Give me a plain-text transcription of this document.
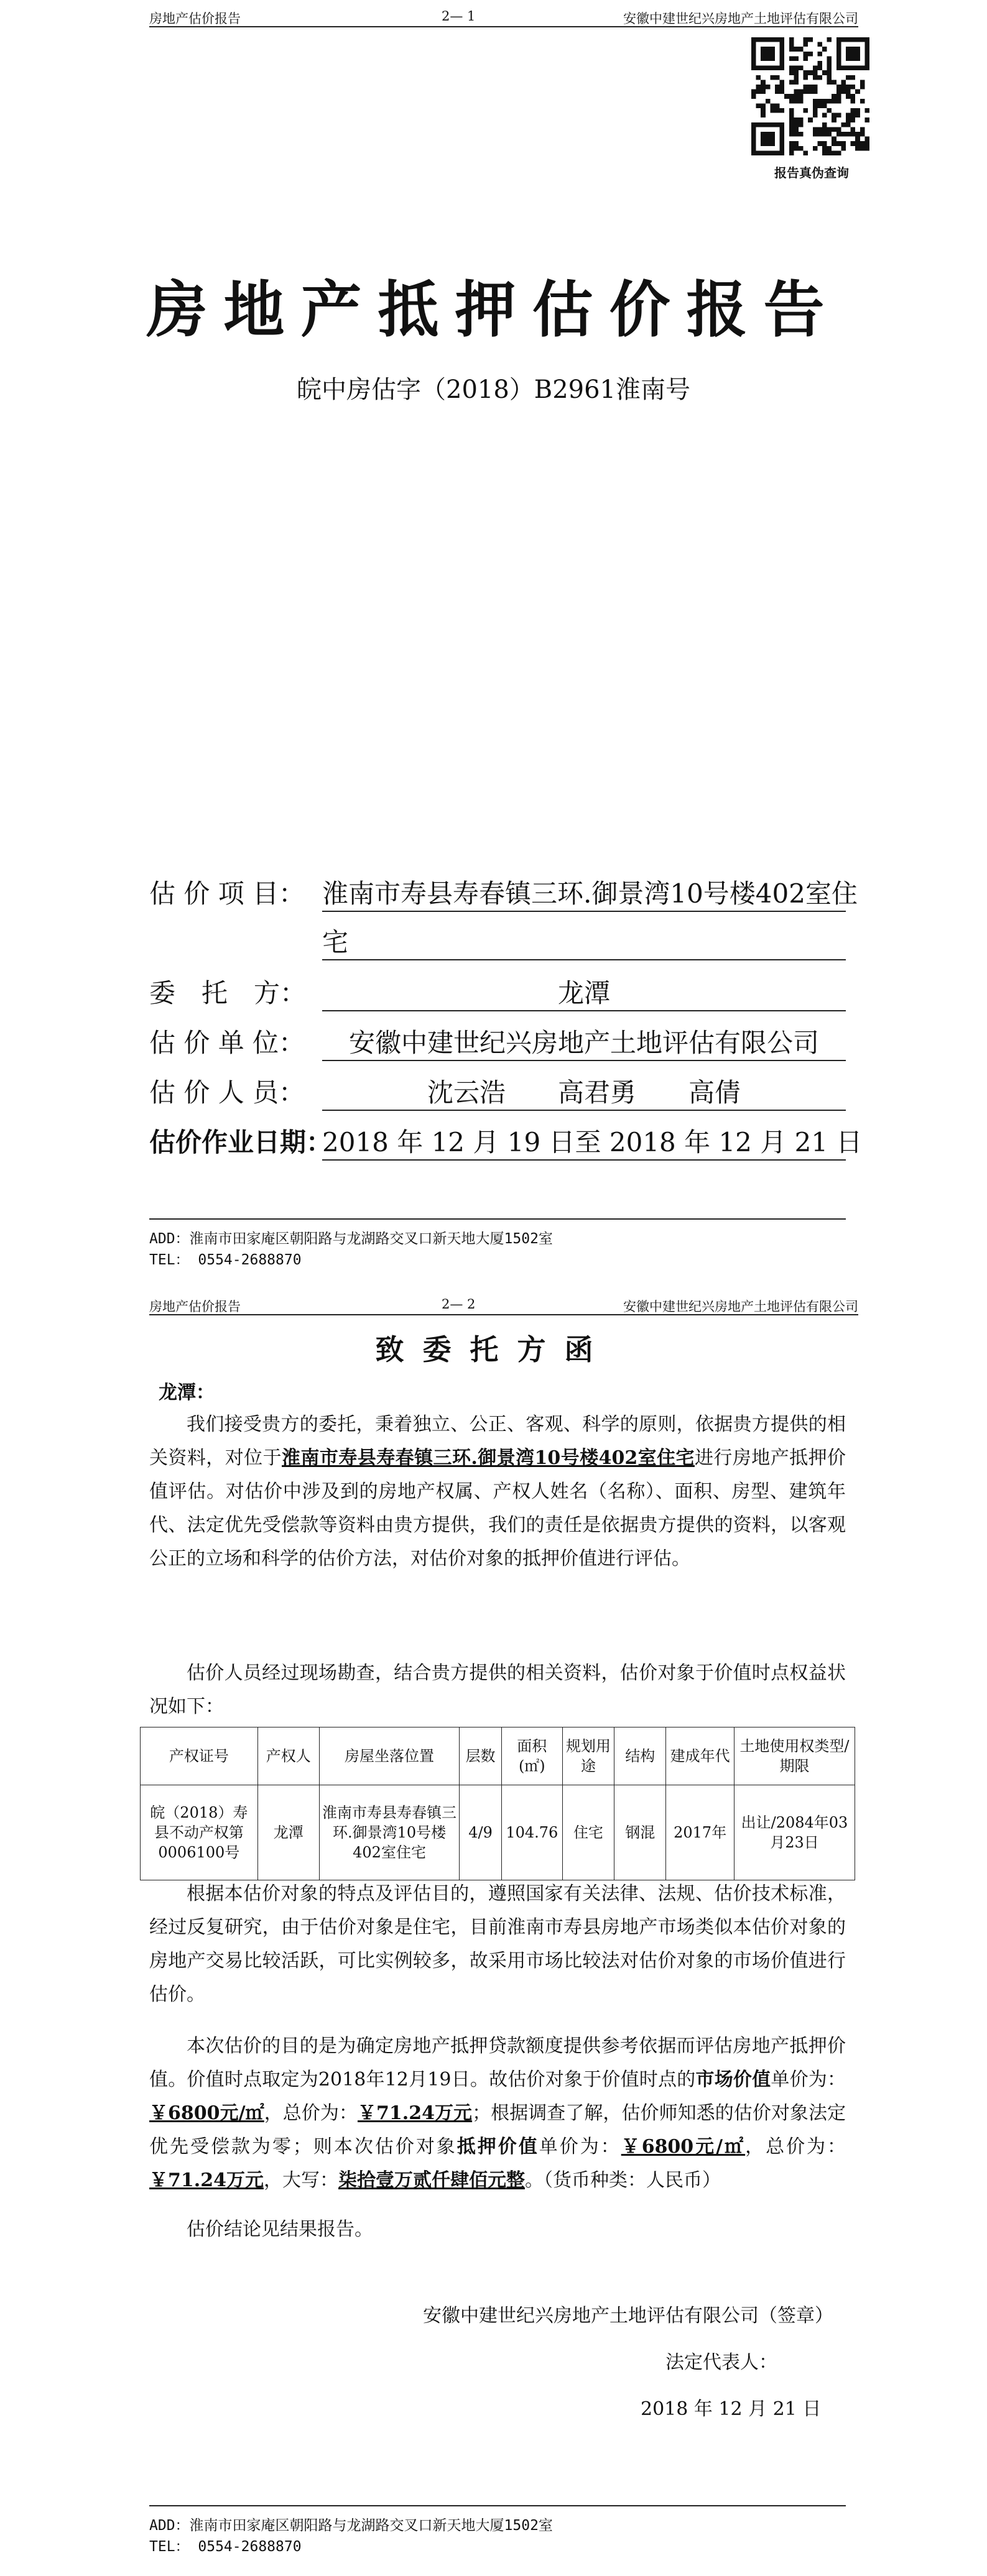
房地产估价报告	2— 1	安徽中建世纪兴房地产土地评估有限公司
报告真伪查询
房地产抵押估价报告
皖中房估字（2018）B2961淮南号
估 价 项 目： 淮南市寿县寿春镇三环.御景湾10号楼402室住
宅
委　托　方：	龙潭
估 价 单 位：	安徽中建世纪兴房地产土地评估有限公司
估 价 人 员：	沈云浩　　高君勇　　高倩
估价作业日期：
2018 年 12 月 19 日至 2018 年 12 月 21 日
ADD：淮南市田家庵区朝阳路与龙湖路交叉口新天地大厦1502室
TEL： 0554-2688870
房地产估价报告	2— 2	安徽中建世纪兴房地产土地评估有限公司
致委托方函
龙潭：
我们接受贵方的委托，秉着独立、公正、客观、科学的原则，依据贵方提供的相关资料，对位于淮南市寿县寿春镇三环.御景湾10号楼402室住宅进行房地产抵押价值评估。对估价中涉及到的房地产权属、产权人姓名（名称）、面积、房型、建筑年代、法定优先受偿款等资料由贵方提供，我们的责任是依据贵方提供的资料，以客观公正的立场和科学的估价方法，对估价对象的抵押价值进行评估。
估价人员经过现场勘查，结合贵方提供的相关资料，估价对象于价值时点权益状况如下：
产权证号	产权人	房屋坐落位置	层数	面积(㎡)	规划用途	结构	建成年代	土地使用权类型/期限
皖（2018）寿县不动产权第0006100号	龙潭	淮南市寿县寿春镇三环.御景湾10号楼402室住宅	4/9	104.76	住宅	钢混	2017年	出让/2084年03月23日
根据本估价对象的特点及评估目的，遵照国家有关法律、法规、估价技术标准，经过反复研究，由于估价对象是住宅，目前淮南市寿县房地产市场类似本估价对象的房地产交易比较活跃，可比实例较多，故采用市场比较法对估价对象的市场价值进行估价。
本次估价的目的是为确定房地产抵押贷款额度提供参考依据而评估房地产抵押价值。价值时点取定为2018年12月19日。故估价对象于价值时点的市场价值单价为：￥6800元/㎡，总价为：￥71.24万元；根据调查了解，估价师知悉的估价对象法定优先受偿款为零；则本次估价对象抵押价值单价为：￥6800元/㎡，总价为：￥71.24万元，大写：柒拾壹万贰仟肆佰元整。（货币种类：人民币）
估价结论见结果报告。
安徽中建世纪兴房地产土地评估有限公司（签章）
法定代表人：
2018 年 12 月 21 日
ADD：淮南市田家庵区朝阳路与龙湖路交叉口新天地大厦1502室
TEL： 0554-2688870
